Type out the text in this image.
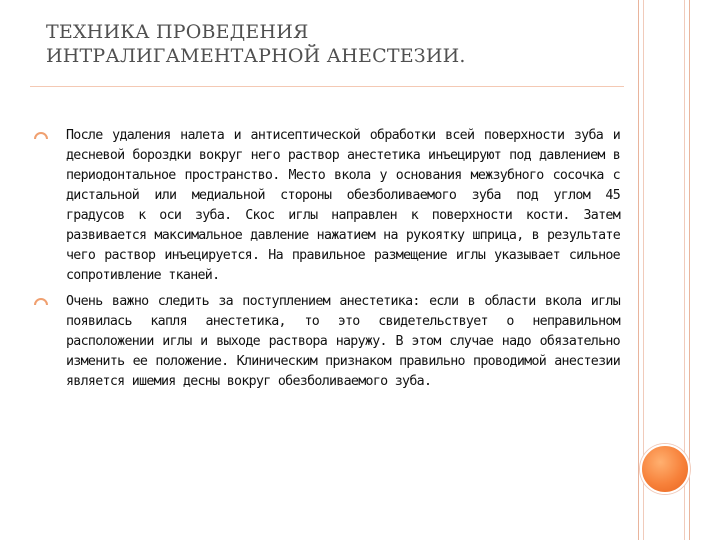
ТЕХНИКА ПРОВЕДЕНИЯ
ИНТРАЛИГАМЕНТАРНОЙ АНЕСТЕЗИИ.
После удаления налета и антисептической обработки всей поверхности зуба и десневой бороздки вокруг него раствор анестетика инъецируют под давлением в периодонтальное пространство. Место вкола у основания межзубного сосочка с дистальной или медиальной стороны обезболиваемого зуба под углом 45 градусов к оси зуба. Скос иглы направлен к поверхности кости. Затем развивается максимальное давление нажатием на рукоятку шприца, в результате чего раствор инъецируется. На правильное размещение иглы указывает сильное сопротивление тканей.
Очень важно следить за поступлением анестетика: если в области вкола иглы появилась капля анестетика, то это свидетельствует о неправильном расположении иглы и выходе раствора наружу. В этом случае надо обязательно изменить ее положение. Клиническим признаком правильно проводимой анестезии является ишемия десны вокруг обезболиваемого зуба.
